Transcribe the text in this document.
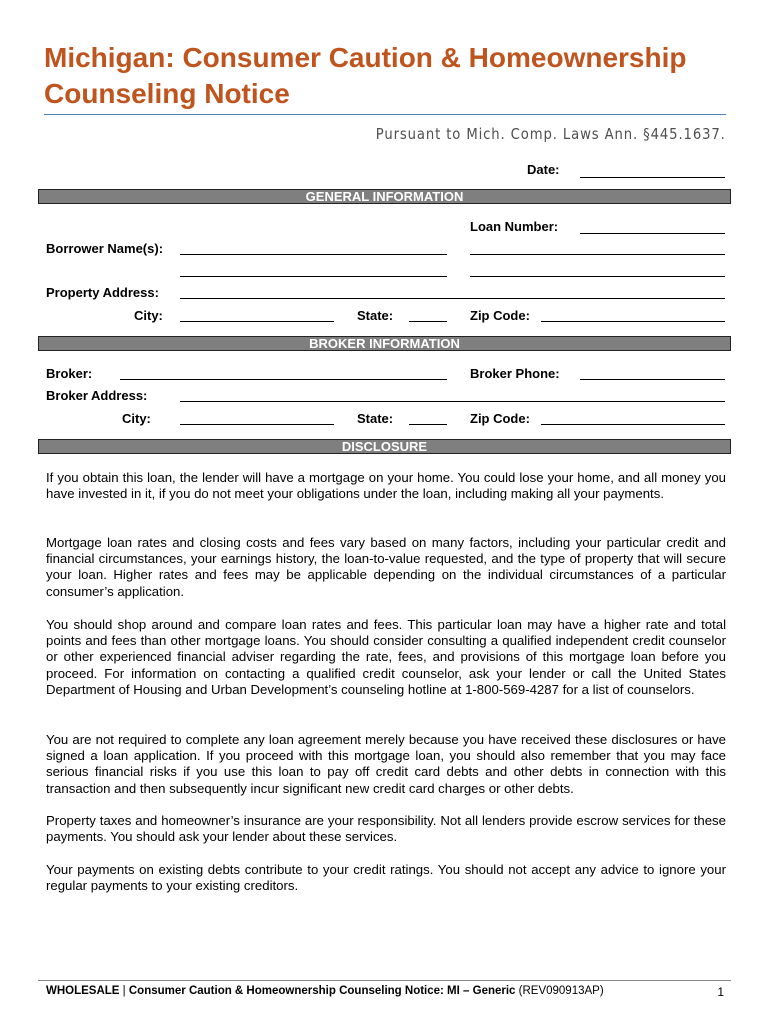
Michigan: Consumer Caution & Homeownership
Counseling Notice
Pursuant to Mich. Comp. Laws Ann. §445.1637.
Date:
GENERAL INFORMATION
Loan Number:
Borrower Name(s):
Property Address:
City:	State:	Zip Code:
BROKER INFORMATION
Broker:	Broker Phone:
Broker Address:
City:	State:	Zip Code:
DISCLOSURE

If you obtain this loan, the lender will have a mortgage on your home. You could lose your home, and all money you have invested in it, if you do not meet your obligations under the loan, including making all your payments.

Mortgage loan rates and closing costs and fees vary based on many factors, including your particular credit and financial circumstances, your earnings history, the loan-to-value requested, and the type of property that will secure your loan. Higher rates and fees may be applicable depending on the individual circumstances of a particular consumer’s application.

You should shop around and compare loan rates and fees. This particular loan may have a higher rate and total points and fees than other mortgage loans. You should consider consulting a qualified independent credit counselor or other experienced financial adviser regarding the rate, fees, and provisions of this mortgage loan before you proceed. For information on contacting a qualified credit counselor, ask your lender or call the United States Department of Housing and Urban Development’s counseling hotline at 1-800-569-4287 for a list of counselors.

You are not required to complete any loan agreement merely because you have received these disclosures or have signed a loan application. If you proceed with this mortgage loan, you should also remember that you may face serious financial risks if you use this loan to pay off credit card debts and other debts in connection with this transaction and then subsequently incur significant new credit card charges or other debts.

Property taxes and homeowner’s insurance are your responsibility. Not all lenders provide escrow services for these payments. You should ask your lender about these services.

Your payments on existing debts contribute to your credit ratings. You should not accept any advice to ignore your regular payments to your existing creditors.

WHOLESALE | Consumer Caution & Homeownership Counseling Notice: MI – Generic (REV090913AP)	1
